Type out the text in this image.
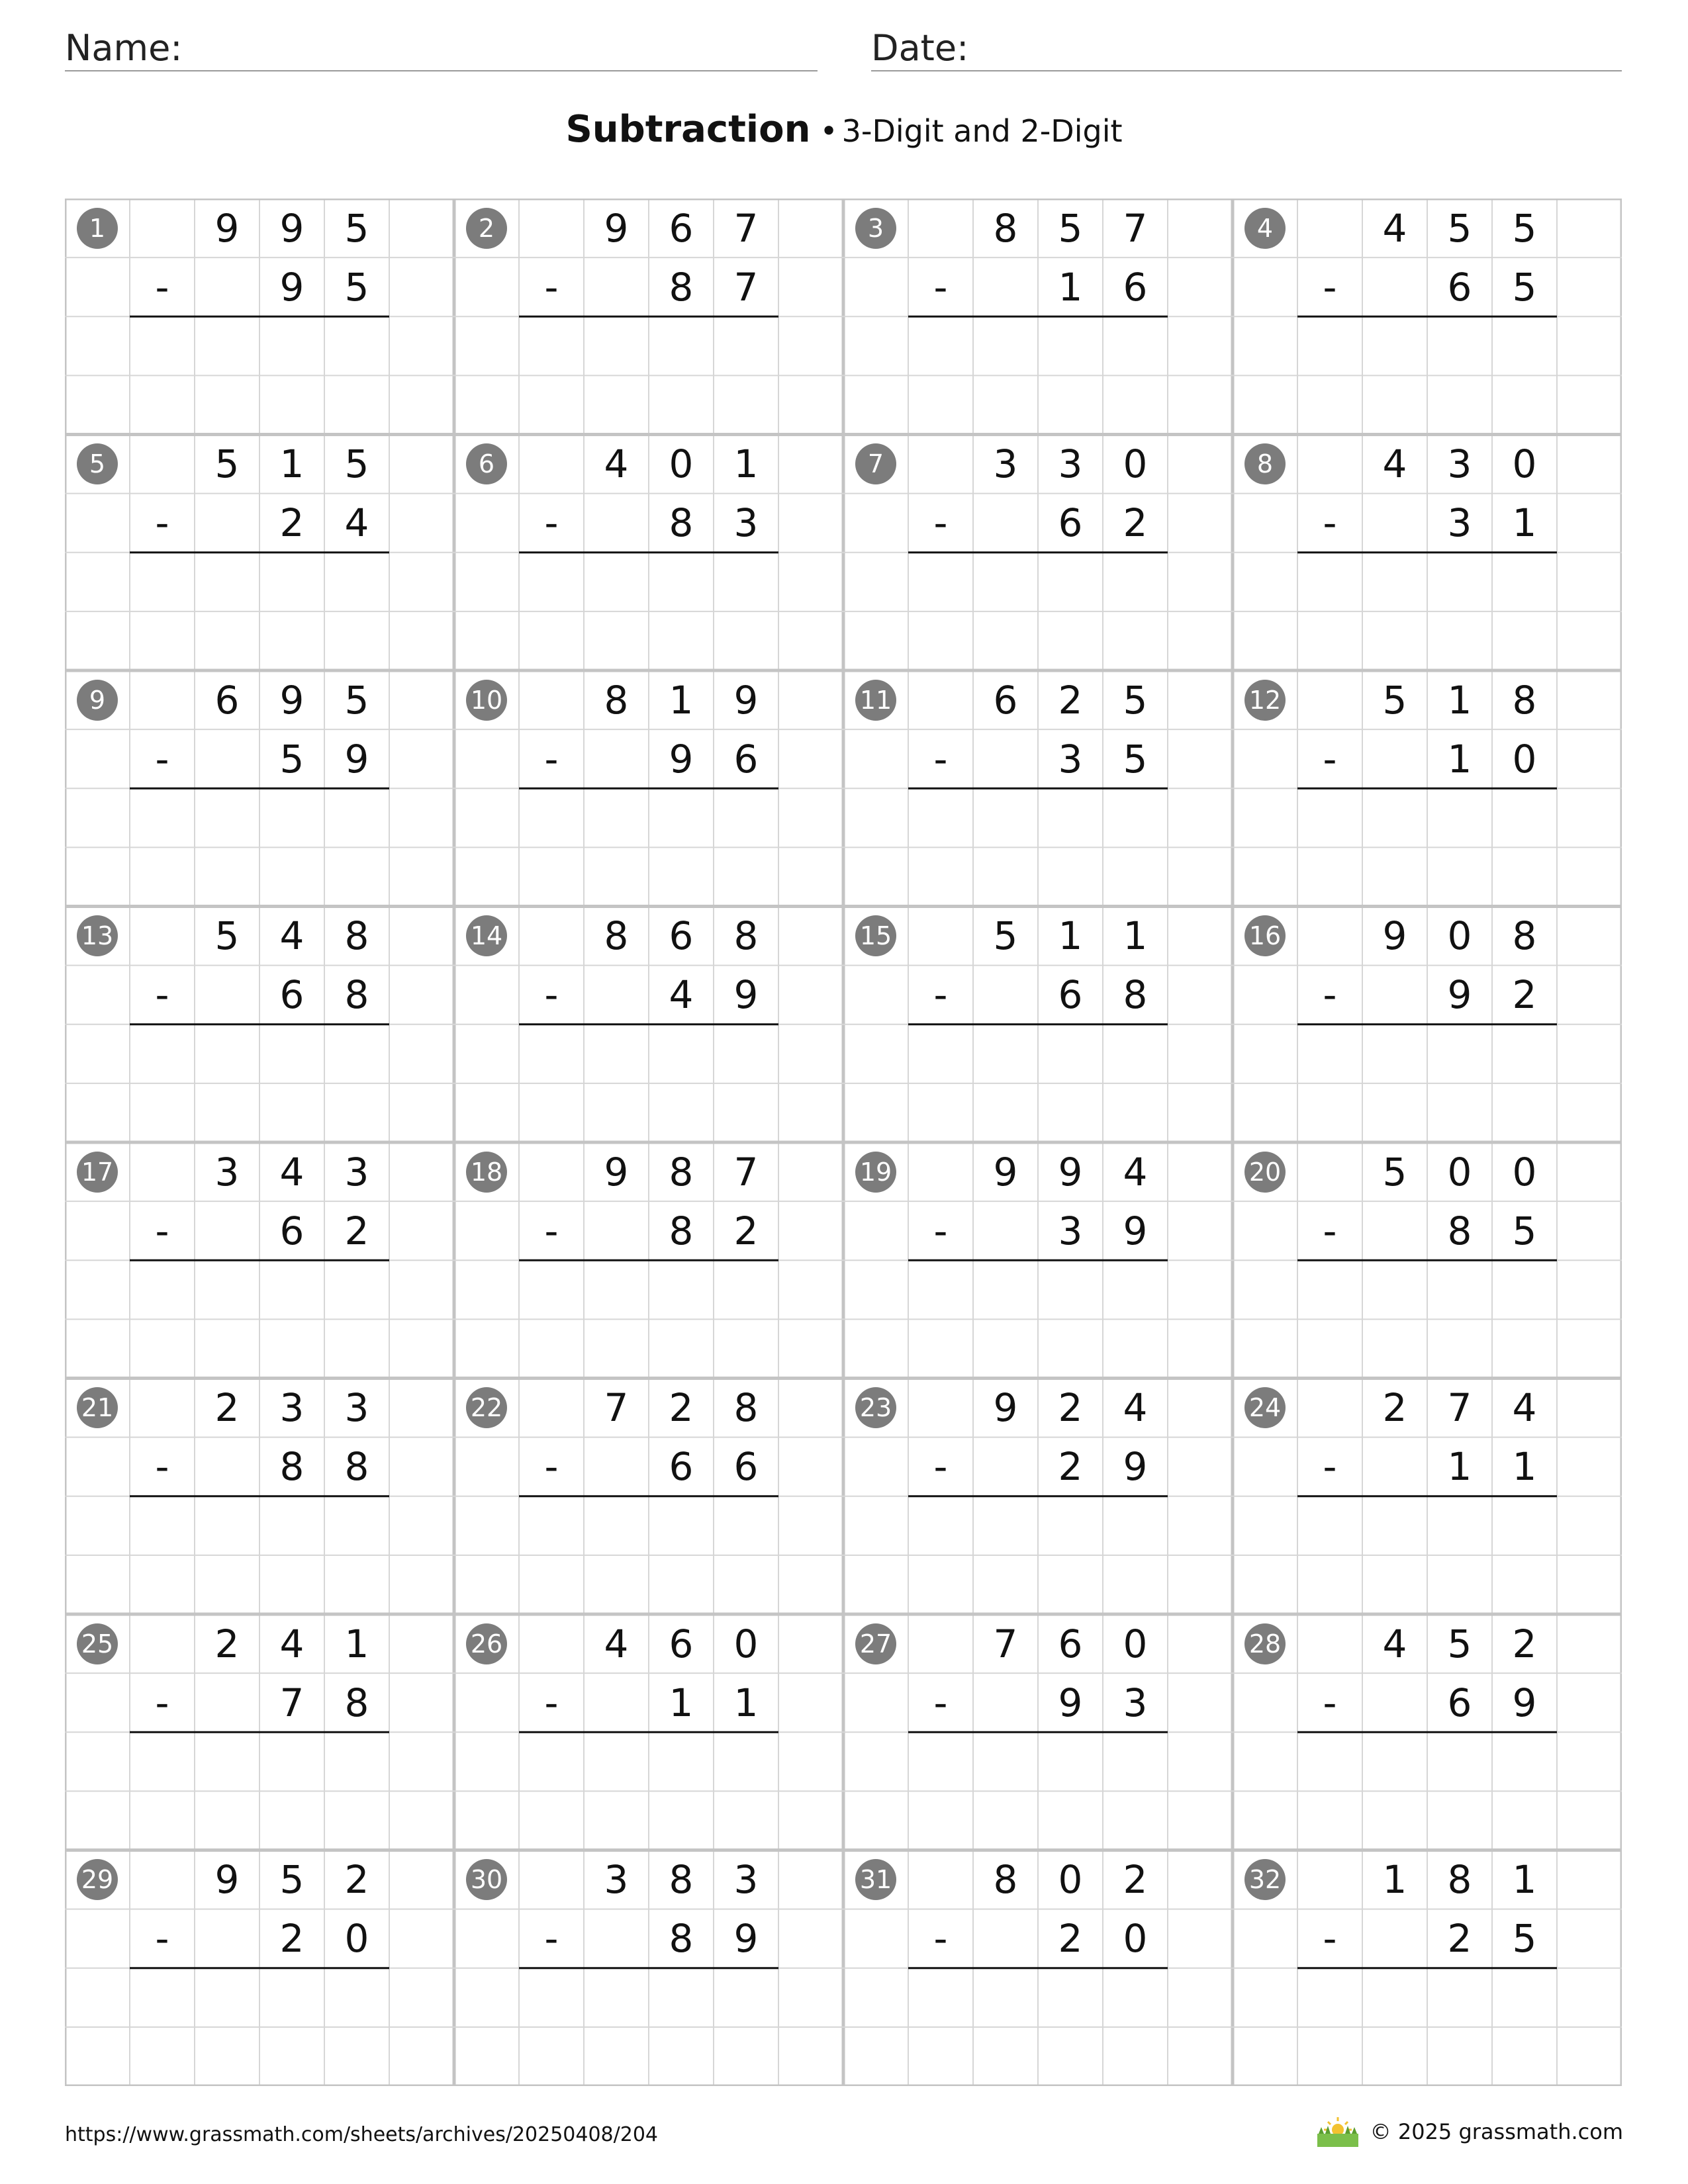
Name:	Date:
Subtraction • 3-Digit and 2-Digit
1	9	9	5
-	9	5
2	9	6	7
-	8	7
3	8	5	7
-	1	6
4	4	5	5
-	6	5
5	5	1	5
-	2	4
6	4	0	1
-	8	3
7	3	3	0
-	6	2
8	4	3	0
-	3	1
9	6	9	5
-	5	9
10	8	1	9
-	9	6
11	6	2	5
-	3	5
12	5	1	8
-	1	0
13	5	4	8
-	6	8
14	8	6	8
-	4	9
15	5	1	1
-	6	8
16	9	0	8
-	9	2
17	3	4	3
-	6	2
18	9	8	7
-	8	2
19	9	9	4
-	3	9
20	5	0	0
-	8	5
21	2	3	3
-	8	8
22	7	2	8
-	6	6
23	9	2	4
-	2	9
24	2	7	4
-	1	1
25	2	4	1
-	7	8
26	4	6	0
-	1	1
27	7	6	0
-	9	3
28	4	5	2
-	6	9
29	9	5	2
-	2	0
30	3	8	3
-	8	9
31	8	0	2
-	2	0
32	1	8	1
-	2	5
https://www.grassmath.com/sheets/archives/20250408/204	© 2025 grassmath.com
